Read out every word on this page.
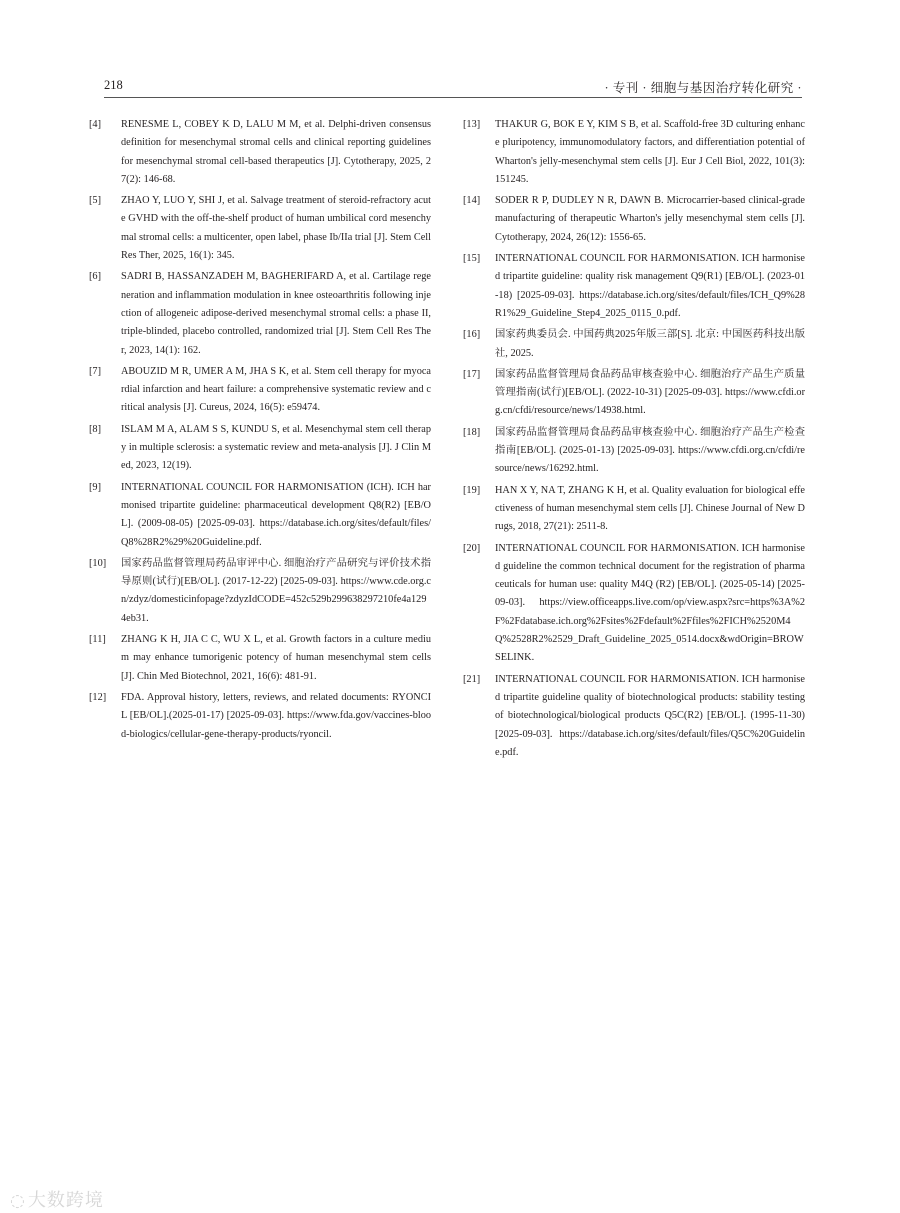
218	· 专刊 · 细胞与基因治疗转化研究 ·
[4] RENESME L, COBEY K D, LALU M M, et al. Delphi-driven consensus definition for mesenchymal stromal cells and clinical reporting guidelines for mesenchymal stromal cell-based therapeutics [J]. Cytotherapy, 2025, 27(2): 146-68.
[5] ZHAO Y, LUO Y, SHI J, et al. Salvage treatment of steroid-refractory acute GVHD with the off-the-shelf product of human umbilical cord mesenchymal stromal cells: a multicenter, open label, phase Ib/IIa trial [J]. Stem Cell Res Ther, 2025, 16(1): 345.
[6] SADRI B, HASSANZADEH M, BAGHERIFARD A, et al. Cartilage regeneration and inflammation modulation in knee osteoarthritis following injection of allogeneic adipose-derived mesenchymal stromal cells: a phase II, triple-blinded, placebo controlled, randomized trial [J]. Stem Cell Res Ther, 2023, 14(1): 162.
[7] ABOUZID M R, UMER A M, JHA S K, et al. Stem cell therapy for myocardial infarction and heart failure: a comprehensive systematic review and critical analysis [J]. Cureus, 2024, 16(5): e59474.
[8] ISLAM M A, ALAM S S, KUNDU S, et al. Mesenchymal stem cell therapy in multiple sclerosis: a systematic review and meta-analysis [J]. J Clin Med, 2023, 12(19).
[9] INTERNATIONAL COUNCIL FOR HARMONISATION (ICH). ICH harmonised tripartite guideline: pharmaceutical development Q8(R2) [EB/OL]. (2009-08-05) [2025-09-03]. https://database.ich.org/sites/default/files/Q8%28R2%29%20Guideline.pdf.
[10] 国家药品监督管理局药品审评中心. 细胞治疗产品研究与评价技术指导原则(试行)[EB/OL]. (2017-12-22) [2025-09-03]. https://www.cde.org.cn/zdyz/domesticinfopage?zdyzIdCODE=452c529b299638297210fe4a1294eb31.
[11] ZHANG K H, JIA C C, WU X L, et al. Growth factors in a culture medium may enhance tumorigenic potency of human mesenchymal stem cells [J]. Chin Med Biotechnol, 2021, 16(6): 481-91.
[12] FDA. Approval history, letters, reviews, and related documents: RYONCIL [EB/OL].(2025-01-17) [2025-09-03]. https://www.fda.gov/vaccines-blood-biologics/cellular-gene-therapy-products/ryoncil.
[13] THAKUR G, BOK E Y, KIM S B, et al. Scaffold-free 3D culturing enhance pluripotency, immunomodulatory factors, and differentiation potential of Wharton's jelly-mesenchymal stem cells [J]. Eur J Cell Biol, 2022, 101(3): 151245.
[14] SODER R P, DUDLEY N R, DAWN B. Microcarrier-based clinical-grade manufacturing of therapeutic Wharton's jelly mesenchymal stem cells [J]. Cytotherapy, 2024, 26(12): 1556-65.
[15] INTERNATIONAL COUNCIL FOR HARMONISATION. ICH harmonised tripartite guideline: quality risk management Q9(R1) [EB/OL]. (2023-01-18) [2025-09-03]. https://database.ich.org/sites/default/files/ICH_Q9%28R1%29_Guideline_Step4_2025_0115_0.pdf.
[16] 国家药典委员会. 中国药典2025年版三部[S]. 北京: 中国医药科技出版社, 2025.
[17] 国家药品监督管理局食品药品审核查验中心. 细胞治疗产品生产质量管理指南(试行)[EB/OL]. (2022-10-31) [2025-09-03]. https://www.cfdi.org.cn/cfdi/resource/news/14938.html.
[18] 国家药品监督管理局食品药品审核查验中心. 细胞治疗产品生产检查指南[EB/OL]. (2025-01-13) [2025-09-03]. https://www.cfdi.org.cn/cfdi/resource/news/16292.html.
[19] HAN X Y, NA T, ZHANG K H, et al. Quality evaluation for biological effectiveness of human mesenchymal stem cells [J]. Chinese Journal of New Drugs, 2018, 27(21): 2511-8.
[20] INTERNATIONAL COUNCIL FOR HARMONISATION. ICH harmonised guideline the common technical document for the registration of pharmaceuticals for human use: quality M4Q (R2) [EB/OL]. (2025-05-14) [2025-09-03]. https://view.officeapps.live.com/op/view.aspx?src=https%3A%2F%2Fdatabase.ich.org%2Fsites%2Fdefault%2Ffiles%2FICH%2520M4Q%2528R2%2529_Draft_Guideline_2025_0514.docx&wdOrigin=BROWSELINK.
[21] INTERNATIONAL COUNCIL FOR HARMONISATION. ICH harmonised tripartite guideline quality of biotechnological products: stability testing of biotechnological/biological products Q5C(R2) [EB/OL]. (1995-11-30) [2025-09-03]. https://database.ich.org/sites/default/files/Q5C%20Guideline.pdf.
◌ 大数跨境
